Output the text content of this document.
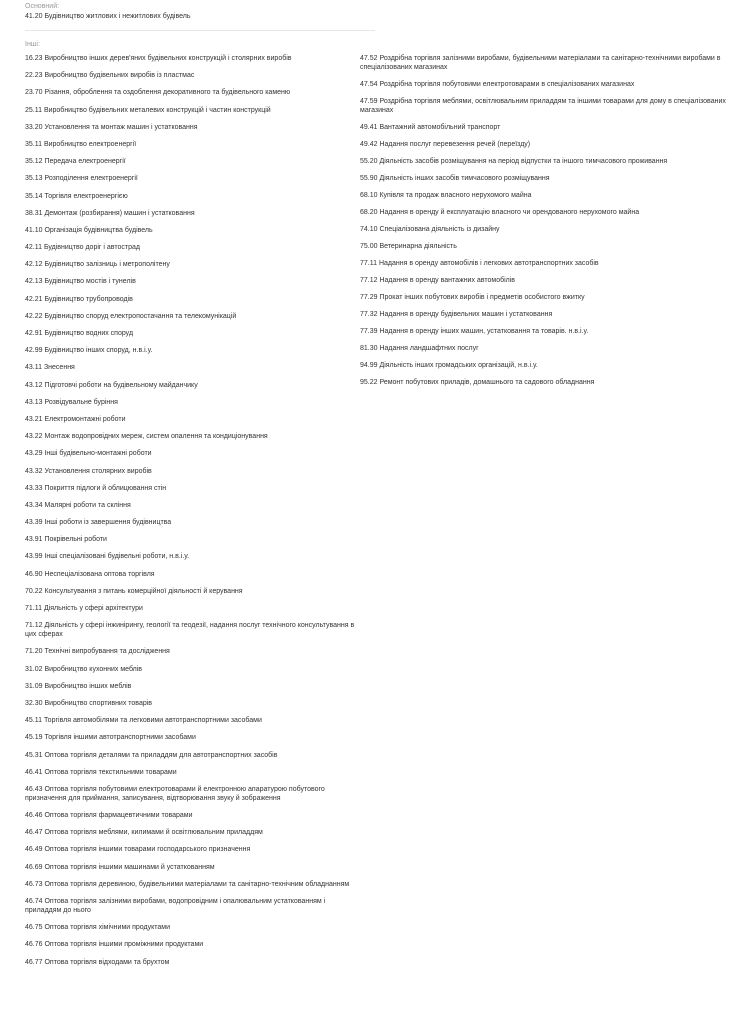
Основний:
41.20 Будівництво житлових і нежитлових будівель
Інші:
16.23 Виробництво інших дерев'яних будівельних конструкцій і столярних виробів
22.23 Виробництво будівельних виробів із пластмас
23.70 Різання, оброблення та оздоблення декоративного та будівельного каменю
25.11 Виробництво будівельних металевих конструкцій і частин конструкцій
33.20 Установлення та монтаж машин і устатковання
35.11 Виробництво електроенергії
35.12 Передача електроенергії
35.13 Розподілення електроенергії
35.14 Торгівля електроенергією
38.31 Демонтаж (розбирання) машин і устатковання
41.10 Організація будівництва будівель
42.11 Будівництво доріг і автострад
42.12 Будівництво залізниць і метрополітену
42.13 Будівництво мостів і тунелів
42.21 Будівництво трубопроводів
42.22 Будівництво споруд електропостачання та телекомунікацій
42.91 Будівництво водних споруд
42.99 Будівництво інших споруд, н.в.і.у.
43.11 Знесення
43.12 Підготовчі роботи на будівельному майданчику
43.13 Розвідувальне буріння
43.21 Електромонтажні роботи
43.22 Монтаж водопровідних мереж, систем опалення та кондиціонування
43.29 Інші будівельно-монтажні роботи
43.32 Установлення столярних виробів
43.33 Покриття підлоги й облицювання стін
43.34 Малярні роботи та скління
43.39 Інші роботи із завершення будівництва
43.91 Покрівельні роботи
43.99 Інші спеціалізовані будівельні роботи, н.в.і.у.
46.90 Неспеціалізована оптова торгівля
70.22 Консультування з питань комерційної діяльності й керування
71.11 Діяльність у сфері архітектури
71.12 Діяльність у сфері інжинірингу, геології та геодезії, надання послуг технічного консультування в цих сферах
71.20 Технічні випробування та дослідження
31.02 Виробництво кухонних меблів
31.09 Виробництво інших меблів
32.30 Виробництво спортивних товарів
45.11 Торгівля автомобілями та легковими автотранспортними засобами
45.19 Торгівля іншими автотранспортними засобами
45.31 Оптова торгівля деталями та приладдям для автотранспортних засобів
46.41 Оптова торгівля текстильними товарами
46.43 Оптова торгівля побутовими електротоварами й електронною апаратурою побутового призначення для приймання, записування, відтворювання звуку й зображення
46.46 Оптова торгівля фармацевтичними товарами
46.47 Оптова торгівля меблями, килимами й освітлювальним приладдям
46.49 Оптова торгівля іншими товарами господарського призначення
46.69 Оптова торгівля іншими машинами й устаткованням
46.73 Оптова торгівля деревиною, будівельними матеріалами та санітарно-технічним обладнанням
46.74 Оптова торгівля залізними виробами, водопровідним і опалювальним устаткованням і приладдям до нього
46.75 Оптова торгівля хімічними продуктами
46.76 Оптова торгівля іншими проміжними продуктами
46.77 Оптова торгівля відходами та брухтом
47.52 Роздрібна торгівля залізними виробами, будівельними матеріалами та санітарно-технічними виробами в спеціалізованих магазинах
47.54 Роздрібна торгівля побутовими електротоварами в спеціалізованих магазинах
47.59 Роздрібна торгівля меблями, освітлювальним приладдям та іншими товарами для дому в спеціалізованих магазинах
49.41 Вантажний автомобільний транспорт
49.42 Надання послуг перевезення речей (переїзду)
55.20 Діяльність засобів розміщування на період відпустки та іншого тимчасового проживання
55.90 Діяльність інших засобів тимчасового розміщування
68.10 Купівля та продаж власного нерухомого майна
68.20 Надання в оренду й експлуатацію власного чи орендованого нерухомого майна
74.10 Спеціалізована діяльність із дизайну
75.00 Ветеринарна діяльність
77.11 Надання в оренду автомобілів і легкових автотранспортних засобів
77.12 Надання в оренду вантажних автомобілів
77.29 Прокат інших побутових виробів і предметів особистого вжитку
77.32 Надання в оренду будівельних машин і устатковання
77.39 Надання в оренду інших машин, устатковання та товарів. н.в.і.у.
81.30 Надання ландшафтних послуг
94.99 Діяльність інших громадських організацій, н.в.і.у.
95.22 Ремонт побутових приладів, домашнього та садового обладнання
